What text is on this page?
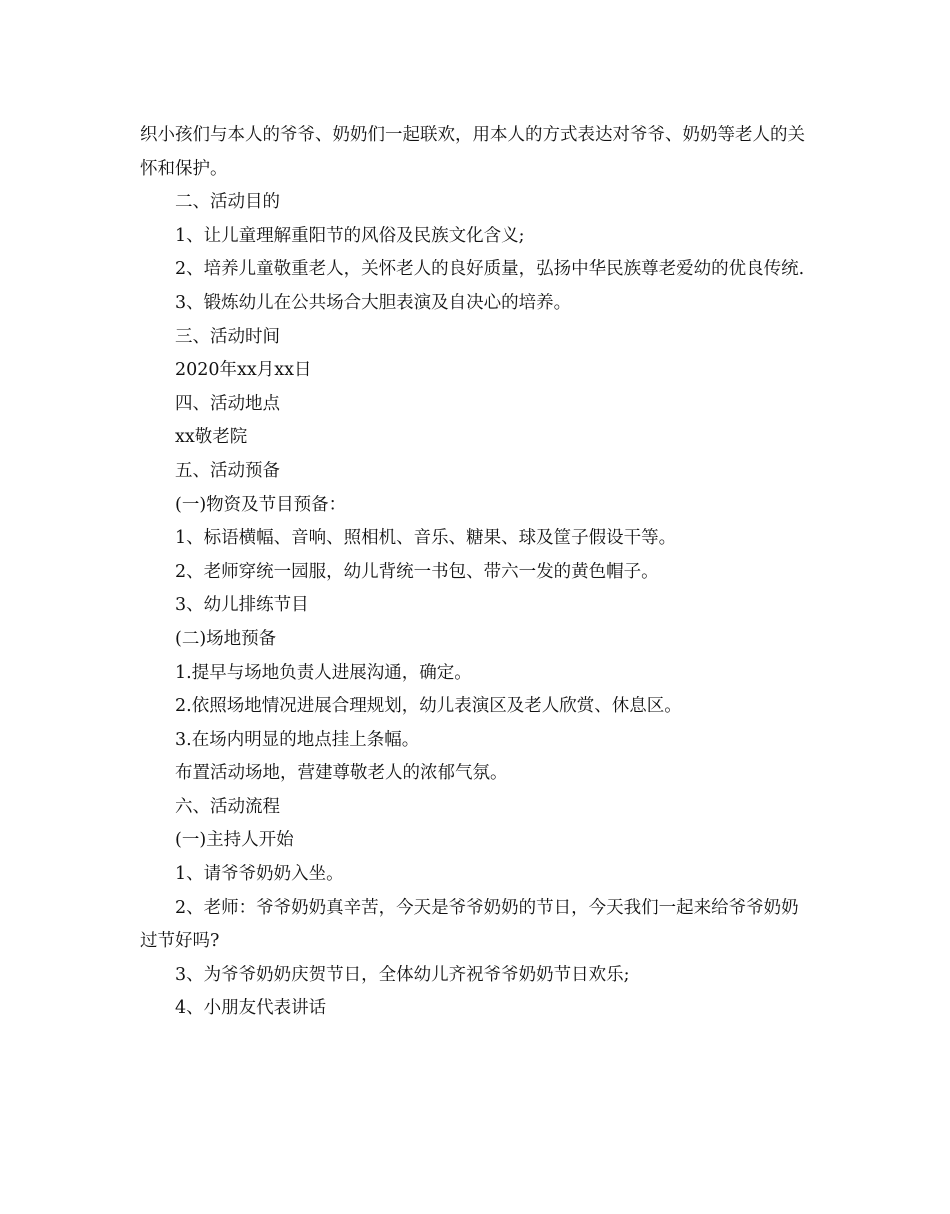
织小孩们与本人的爷爷、奶奶们一起联欢，用本人的方式表达对爷爷、奶奶等老人的关怀和保护。

二、活动目的

1、让儿童理解重阳节的风俗及民族文化含义;

2、培养儿童敬重老人，关怀老人的良好质量，弘扬中华民族尊老爱幼的优良传统.

3、锻炼幼儿在公共场合大胆表演及自决心的培养。

三、活动时间

2020年xx月xx日

四、活动地点

xx敬老院

五、活动预备

(一)物资及节目预备：

1、标语横幅、音响、照相机、音乐、糖果、球及筐子假设干等。

2、老师穿统一园服，幼儿背统一书包、带六一发的黄色帽子。

3、幼儿排练节目

(二)场地预备

1.提早与场地负责人进展沟通，确定。

2.依照场地情况进展合理规划，幼儿表演区及老人欣赏、休息区。

3.在场内明显的地点挂上条幅。

布置活动场地，营建尊敬老人的浓郁气氛。

六、活动流程

(一)主持人开始

1、请爷爷奶奶入坐。

2、老师：爷爷奶奶真辛苦，今天是爷爷奶奶的节日，今天我们一起来给爷爷奶奶过节好吗?

3、为爷爷奶奶庆贺节日，全体幼儿齐祝爷爷奶奶节日欢乐;

4、小朋友代表讲话
